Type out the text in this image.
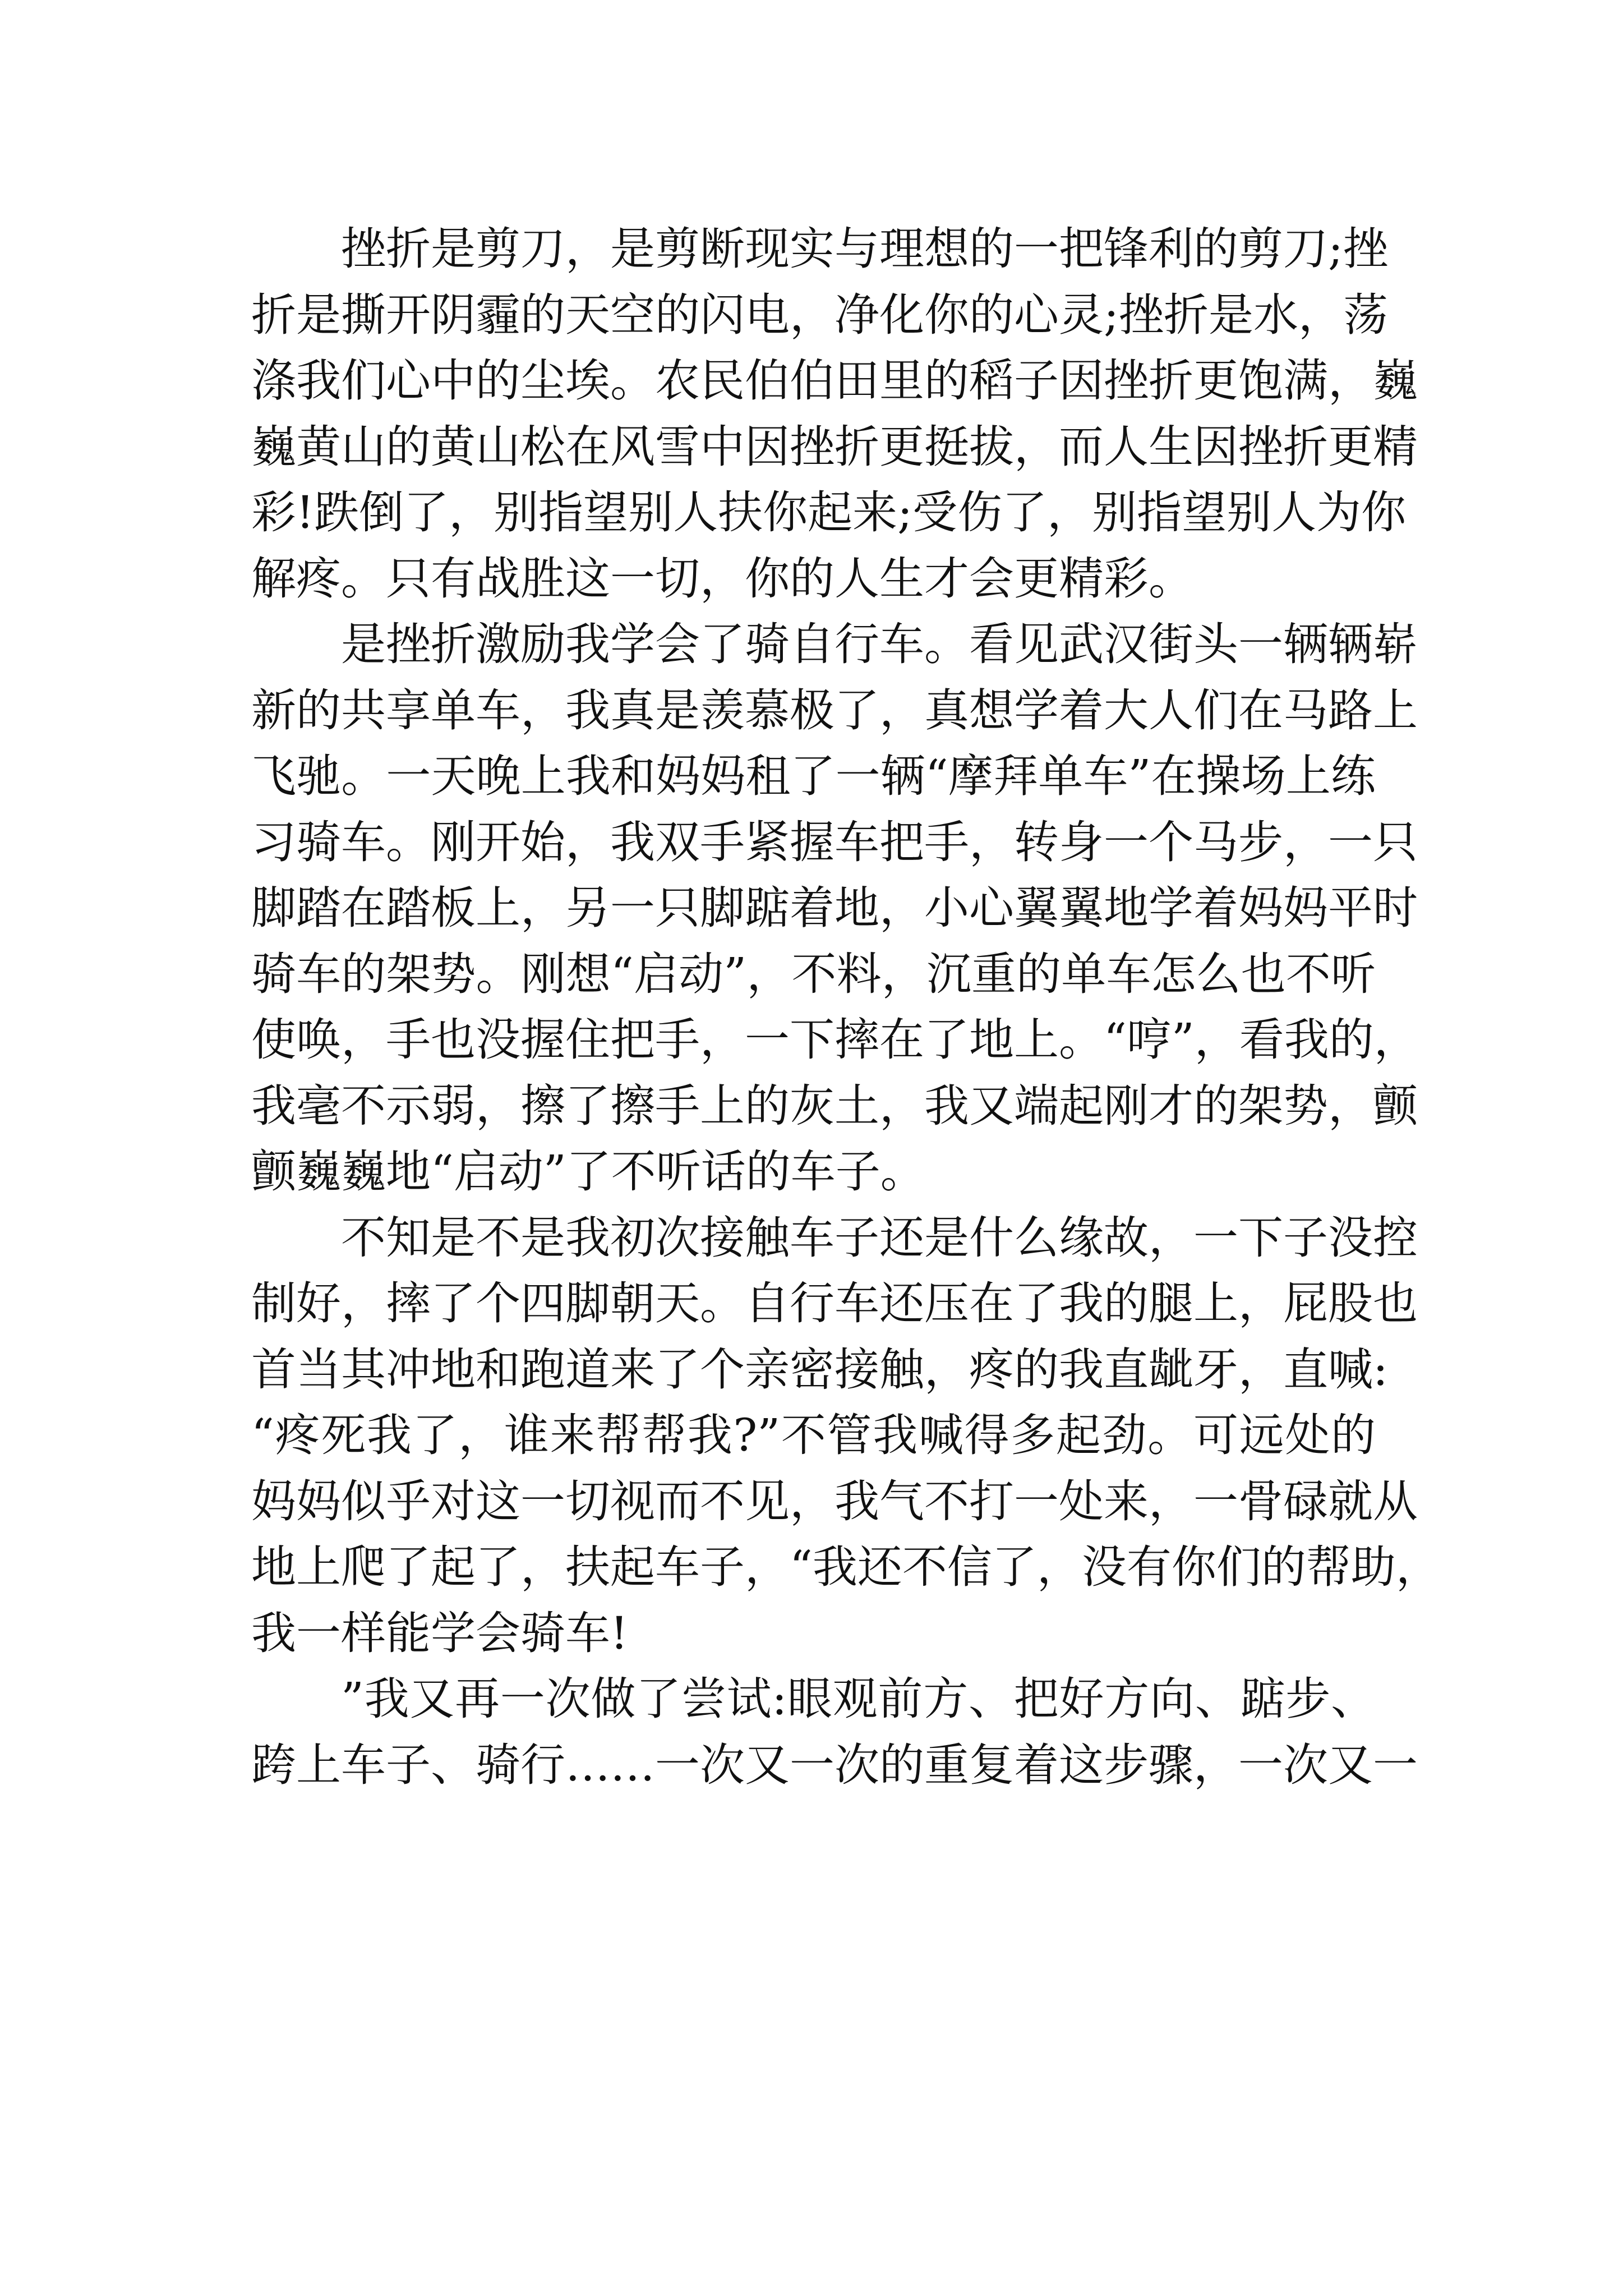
挫折是剪刀，是剪断现实与理想的一把锋利的剪刀;挫
折是撕开阴霾的天空的闪电，净化你的心灵;挫折是水，荡
涤我们心中的尘埃。农民伯伯田里的稻子因挫折更饱满，巍
巍黄山的黄山松在风雪中因挫折更挺拔，而人生因挫折更精
彩!跌倒了，别指望别人扶你起来;受伤了，别指望别人为你
解疼。只有战胜这一切，你的人生才会更精彩。
是挫折激励我学会了骑自行车。看见武汉街头一辆辆崭
新的共享单车，我真是羡慕极了，真想学着大人们在马路上
飞驰。一天晚上我和妈妈租了一辆“摩拜单车”在操场上练
习骑车。刚开始，我双手紧握车把手，转身一个马步，一只
脚踏在踏板上，另一只脚踮着地，小心翼翼地学着妈妈平时
骑车的架势。刚想“启动”，不料，沉重的单车怎么也不听
使唤，手也没握住把手，一下摔在了地上。“哼”，看我的，
我毫不示弱，擦了擦手上的灰土，我又端起刚才的架势，颤
颤巍巍地“启动”了不听话的车子。
不知是不是我初次接触车子还是什么缘故，一下子没控
制好，摔了个四脚朝天。自行车还压在了我的腿上，屁股也
首当其冲地和跑道来了个亲密接触，疼的我直龇牙，直喊:
“疼死我了，谁来帮帮我?”不管我喊得多起劲。可远处的
妈妈似乎对这一切视而不见，我气不打一处来，一骨碌就从
地上爬了起了，扶起车子，“我还不信了，没有你们的帮助，
我一样能学会骑车!
”我又再一次做了尝试:眼观前方、把好方向、踮步、
跨上车子、骑行……一次又一次的重复着这步骤，一次又一
